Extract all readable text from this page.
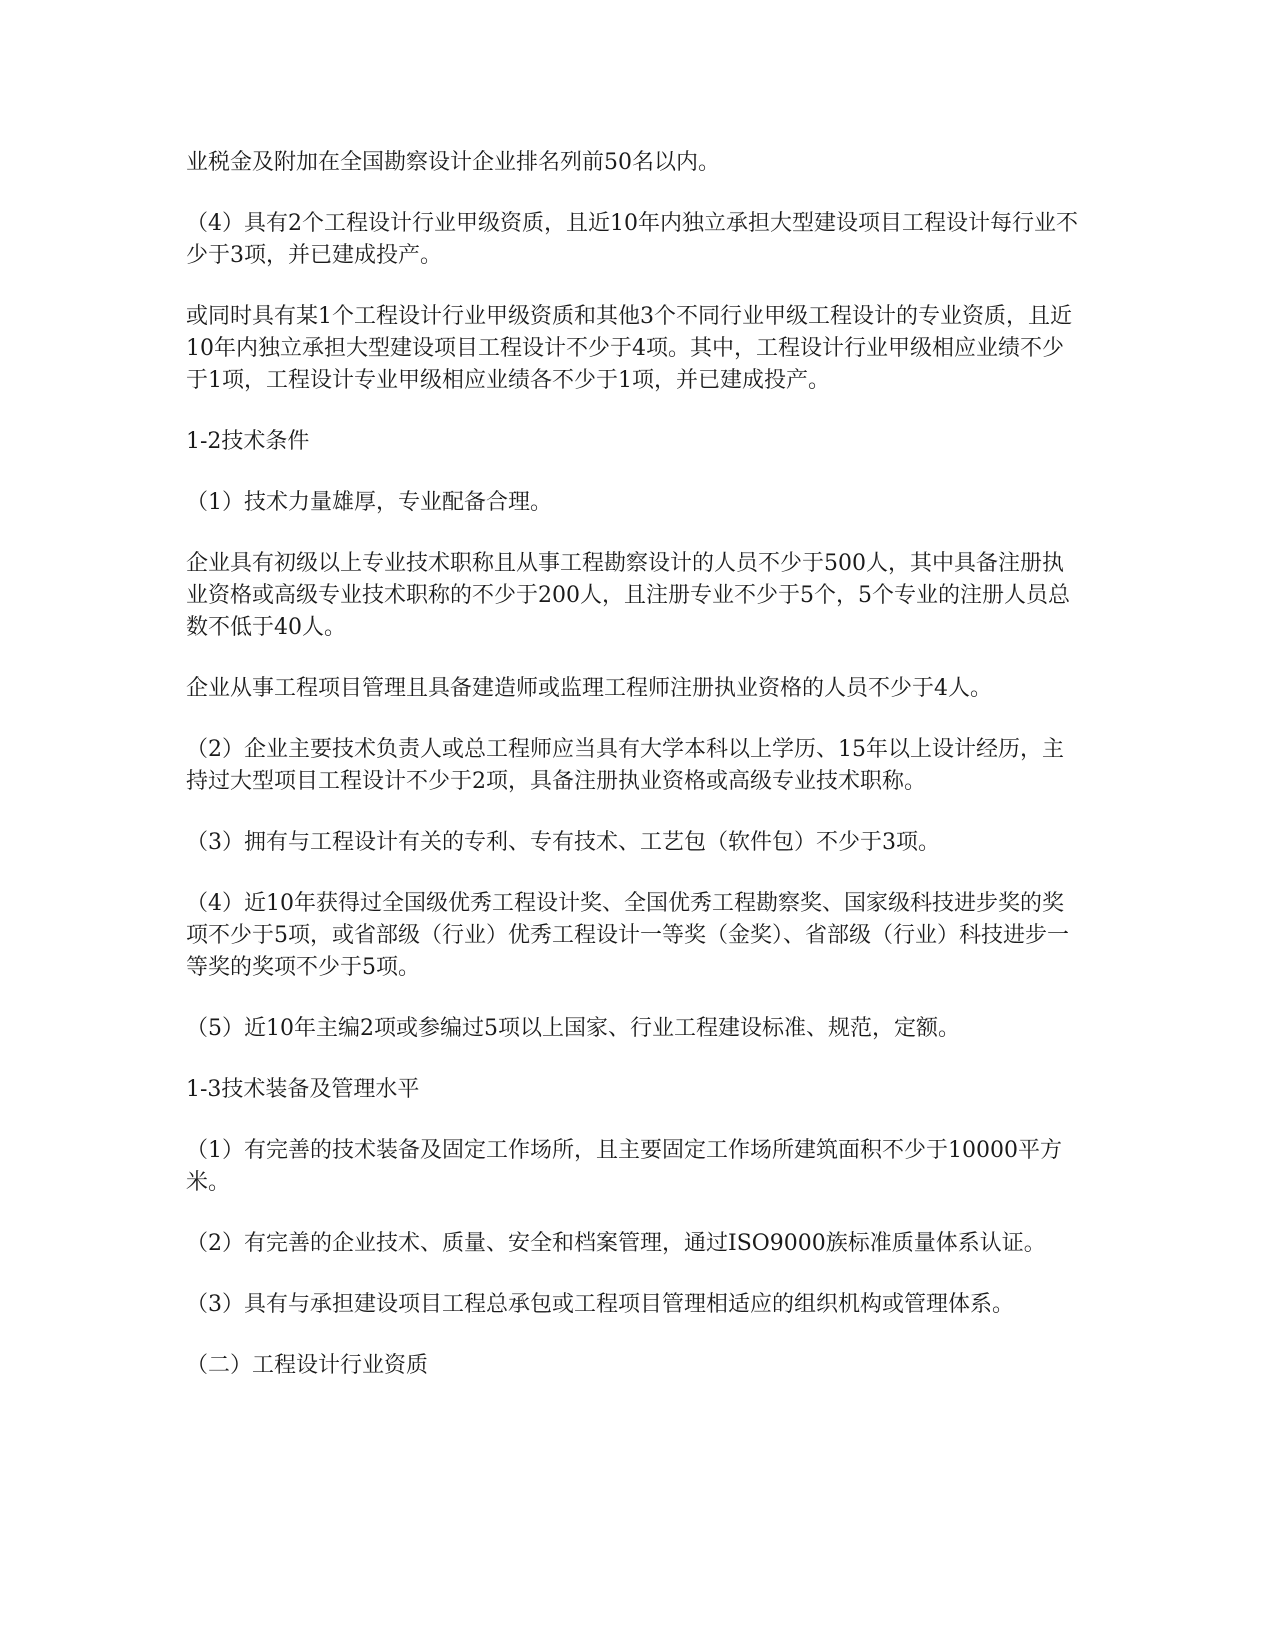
业税金及附加在全国勘察设计企业排名列前50名以内。

（4）具有2个工程设计行业甲级资质，且近10年内独立承担大型建设项目工程设计每行业不少于3项，并已建成投产。

或同时具有某1个工程设计行业甲级资质和其他3个不同行业甲级工程设计的专业资质，且近10年内独立承担大型建设项目工程设计不少于4项。其中，工程设计行业甲级相应业绩不少于1项，工程设计专业甲级相应业绩各不少于1项，并已建成投产。

1-2技术条件

（1）技术力量雄厚，专业配备合理。

企业具有初级以上专业技术职称且从事工程勘察设计的人员不少于500人，其中具备注册执业资格或高级专业技术职称的不少于200人，且注册专业不少于5个，5个专业的注册人员总数不低于40人。

企业从事工程项目管理且具备建造师或监理工程师注册执业资格的人员不少于4人。

（2）企业主要技术负责人或总工程师应当具有大学本科以上学历、15年以上设计经历，主持过大型项目工程设计不少于2项，具备注册执业资格或高级专业技术职称。

（3）拥有与工程设计有关的专利、专有技术、工艺包（软件包）不少于3项。

（4）近10年获得过全国级优秀工程设计奖、全国优秀工程勘察奖、国家级科技进步奖的奖项不少于5项，或省部级（行业）优秀工程设计一等奖（金奖）、省部级（行业）科技进步一等奖的奖项不少于5项。

（5）近10年主编2项或参编过5项以上国家、行业工程建设标准、规范，定额。

1-3技术装备及管理水平

（1）有完善的技术装备及固定工作场所，且主要固定工作场所建筑面积不少于10000平方米。

（2）有完善的企业技术、质量、安全和档案管理，通过ISO9000族标准质量体系认证。

（3）具有与承担建设项目工程总承包或工程项目管理相适应的组织机构或管理体系。

（二）工程设计行业资质
